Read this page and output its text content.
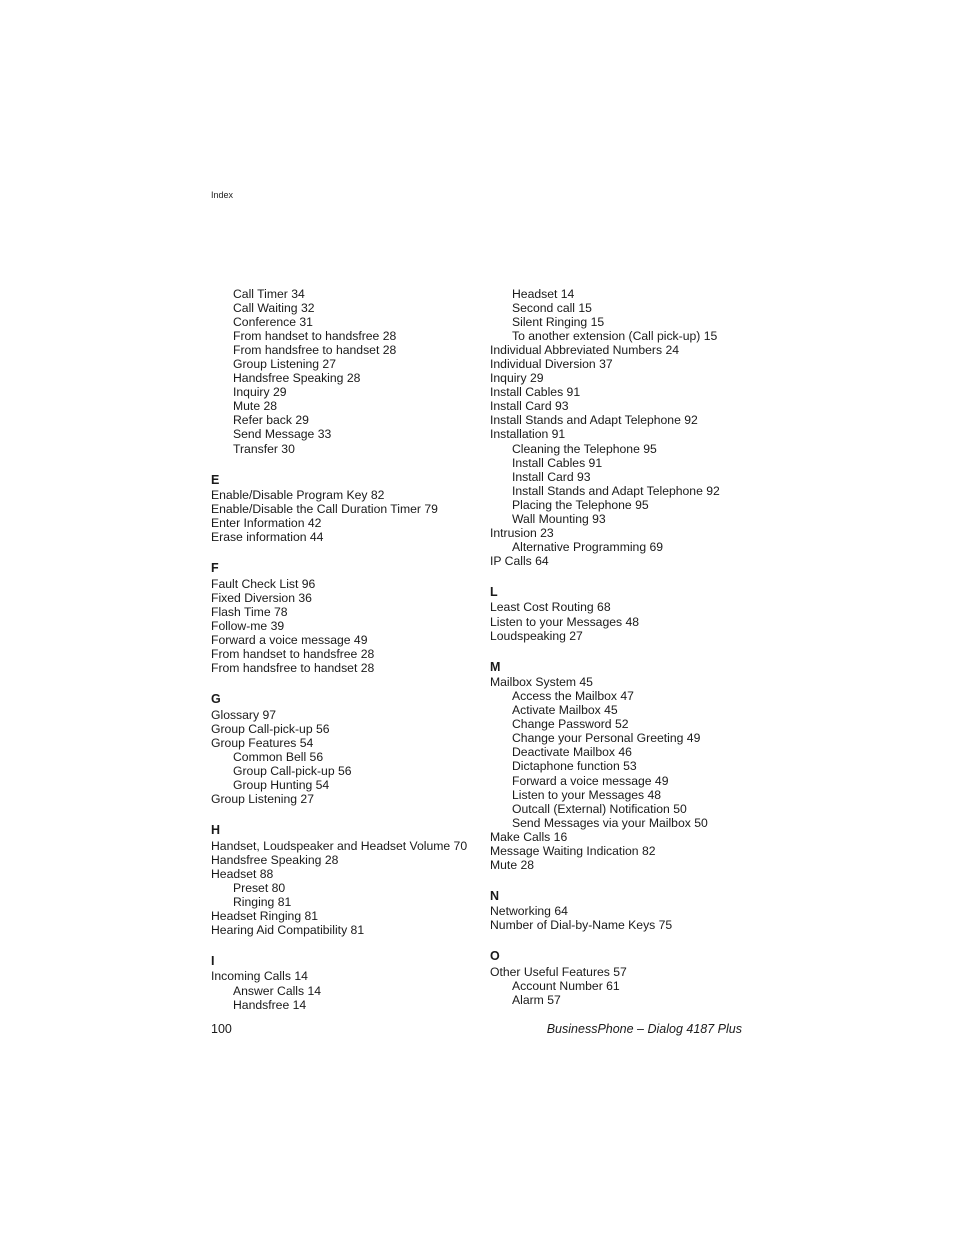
Index
Call Timer 34
Call Waiting 32
Conference 31
From handset to handsfree 28
From handsfree to handset 28
Group Listening 27
Handsfree Speaking 28
Inquiry 29
Mute 28
Refer back 29
Send Message 33
Transfer 30
E
Enable/Disable Program Key 82
Enable/Disable the Call Duration Timer 79
Enter Information 42
Erase information 44
F
Fault Check List 96
Fixed Diversion 36
Flash Time 78
Follow-me 39
Forward a voice message 49
From handset to handsfree 28
From handsfree to handset 28
G
Glossary 97
Group Call-pick-up 56
Group Features 54
Common Bell 56
Group Call-pick-up 56
Group Hunting 54
Group Listening 27
H
Handset, Loudspeaker and Headset Volume 70
Handsfree Speaking 28
Headset 88
Preset 80
Ringing 81
Headset Ringing 81
Hearing Aid Compatibility 81
I
Incoming Calls 14
Answer Calls 14
Handsfree 14
Headset 14
Second call 15
Silent Ringing 15
To another extension (Call pick-up) 15
Individual Abbreviated Numbers 24
Individual Diversion 37
Inquiry 29
Install Cables 91
Install Card 93
Install Stands and Adapt Telephone 92
Installation 91
Cleaning the Telephone 95
Install Cables 91
Install Card 93
Install Stands and Adapt Telephone 92
Placing the Telephone 95
Wall Mounting 93
Intrusion 23
Alternative Programming 69
IP Calls 64
L
Least Cost Routing 68
Listen to your Messages 48
Loudspeaking 27
M
Mailbox System 45
Access the Mailbox 47
Activate Mailbox 45
Change Password 52
Change your Personal Greeting 49
Deactivate Mailbox 46
Dictaphone function 53
Forward a voice message 49
Listen to your Messages 48
Outcall (External) Notification 50
Send Messages via your Mailbox 50
Make Calls 16
Message Waiting Indication 82
Mute 28
N
Networking 64
Number of Dial-by-Name Keys 75
O
Other Useful Features 57
Account Number 61
Alarm 57
100	BusinessPhone – Dialog 4187 Plus
